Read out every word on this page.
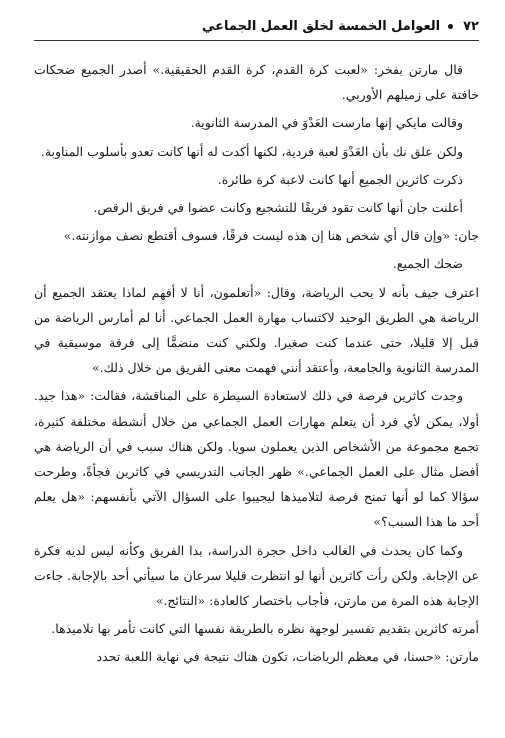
٧٢
العوامل الخمسة لخلق العمل الجماعي

قال مارتن بفخر: «لعبت كرة القدم، كرة القدم الحقيقية.» أصدر الجميع ضحكات خافتة على زميلهم الأوربي.

وقالت مايكي إنها مارست العَدْوَ في المدرسة الثانوية.

ولكن علق نك بأن العَدْوَ لعبة فردية، لكنها أكدت له أنها كانت تعدو بأسلوب المناوبة.

ذكرت كاثرين الجميع أنها كانت لاعبة كرة طائرة.

أعلنت جان أنها كانت تقود فريقًا للتشجيع وكانت عضوا في فريق الرقص.

جان: «وإن قال أي شخص هنا إن هذه ليست فرقًا، فسوف أقتطع نصف موازنته.»

ضحك الجميع.

اعترف جيف بأنه لا يحب الرياضة، وقال: «أتعلمون، أنا لا أفهم لماذا يعتقد الجميع أن الرياضة هي الطريق الوحيد لاكتساب مهارة العمل الجماعي. أنا لم أمارس الرياضة من قبل إلا قليلا، حتى عندما كنت صغيرا. ولكني كنت منضمًّا إلى فرقة موسيقية في المدرسة الثانوية والجامعة، وأعتقد أنني فهمت معنى الفريق من خلال ذلك.»

وجدت كاثرين فرصة في ذلك لاستعادة السيطرة على المناقشة، فقالت: «هذا جيد. أولا، يمكن لأي فرد أن يتعلم مهارات العمل الجماعي من خلال أنشطة مختلفة كثيرة، تجمع مجموعة من الأشخاص الذين يعملون سويا. ولكن هناك سبب في أن الرياضة هي أفضل مثال على العمل الجماعي.» ظهر الجانب التدريسي في كاثرين فجأةً، وطرحت سؤالا كما لو أنها تمنح فرصة لتلاميذها ليجيبوا على السؤال الآتي بأنفسهم: «هل يعلم أحد ما هذا السبب؟»

وكما كان يحدث في الغالب داخل حجرة الدراسة، بدا الفريق وكأنه ليس لديه فكرة عن الإجابة. ولكن رأت كاثرين أنها لو انتظرت قليلا سرعان ما سيأتي أحد بالإجابة. جاءت الإجابة هذه المرة من مارتن، فأجاب باختصار كالعادة: «النتائج.»

أمرته كاثرين بتقديم تفسير لوجهة نظره بالطريقة نفسها التي كانت تأمر بها تلاميذها.

مارتن: «حسنا، في معظم الرياضات، تكون هناك نتيجة في نهاية اللعبة تحدد
